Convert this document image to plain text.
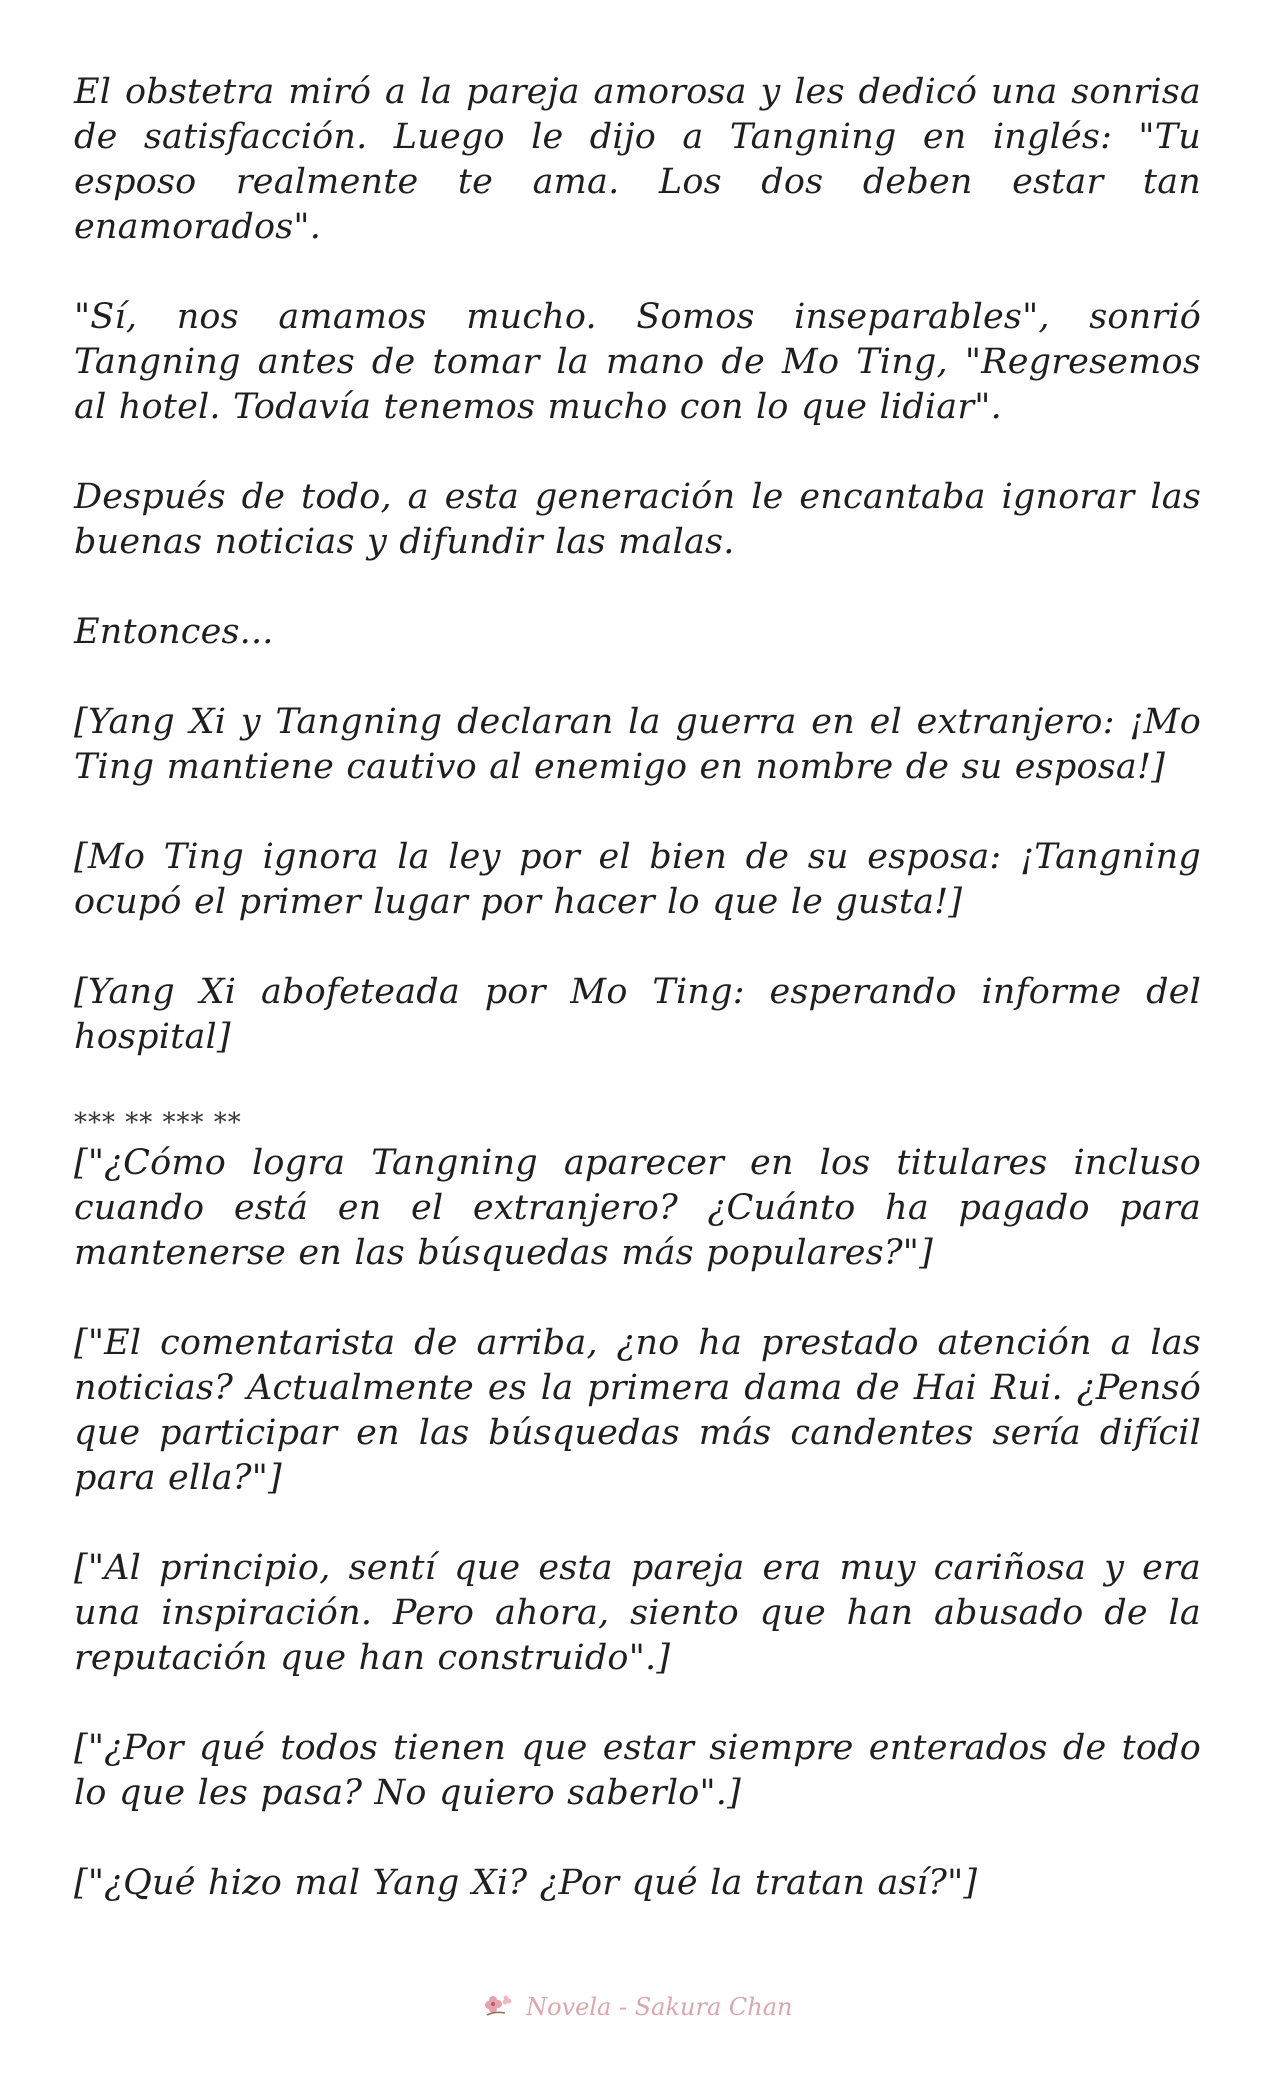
El obstetra miró a la pareja amorosa y les dedicó una sonrisa de satisfacción. Luego le dijo a Tangning en inglés: "Tu esposo realmente te ama. Los dos deben estar tan enamorados".

"Sí, nos amamos mucho. Somos inseparables", sonrió Tangning antes de tomar la mano de Mo Ting, "Regresemos al hotel. Todavía tenemos mucho con lo que lidiar".

Después de todo, a esta generación le encantaba ignorar las buenas noticias y difundir las malas.

Entonces...

[Yang Xi y Tangning declaran la guerra en el extranjero: ¡Mo Ting mantiene cautivo al enemigo en nombre de su esposa!]

[Mo Ting ignora la ley por el bien de su esposa: ¡Tangning ocupó el primer lugar por hacer lo que le gusta!]

[Yang Xi abofeteada por Mo Ting: esperando informe del hospital]

*** ** *** **

["¿Cómo logra Tangning aparecer en los titulares incluso cuando está en el extranjero? ¿Cuánto ha pagado para mantenerse en las búsquedas más populares?"]

["El comentarista de arriba, ¿no ha prestado atención a las noticias? Actualmente es la primera dama de Hai Rui. ¿Pensó que participar en las búsquedas más candentes sería difícil para ella?"]

["Al principio, sentí que esta pareja era muy cariñosa y era una inspiración. Pero ahora, siento que han abusado de la reputación que han construido".]

["¿Por qué todos tienen que estar siempre enterados de todo lo que les pasa? No quiero saberlo".]

["¿Qué hizo mal Yang Xi? ¿Por qué la tratan así?"]

Novela - Sakura Chan
